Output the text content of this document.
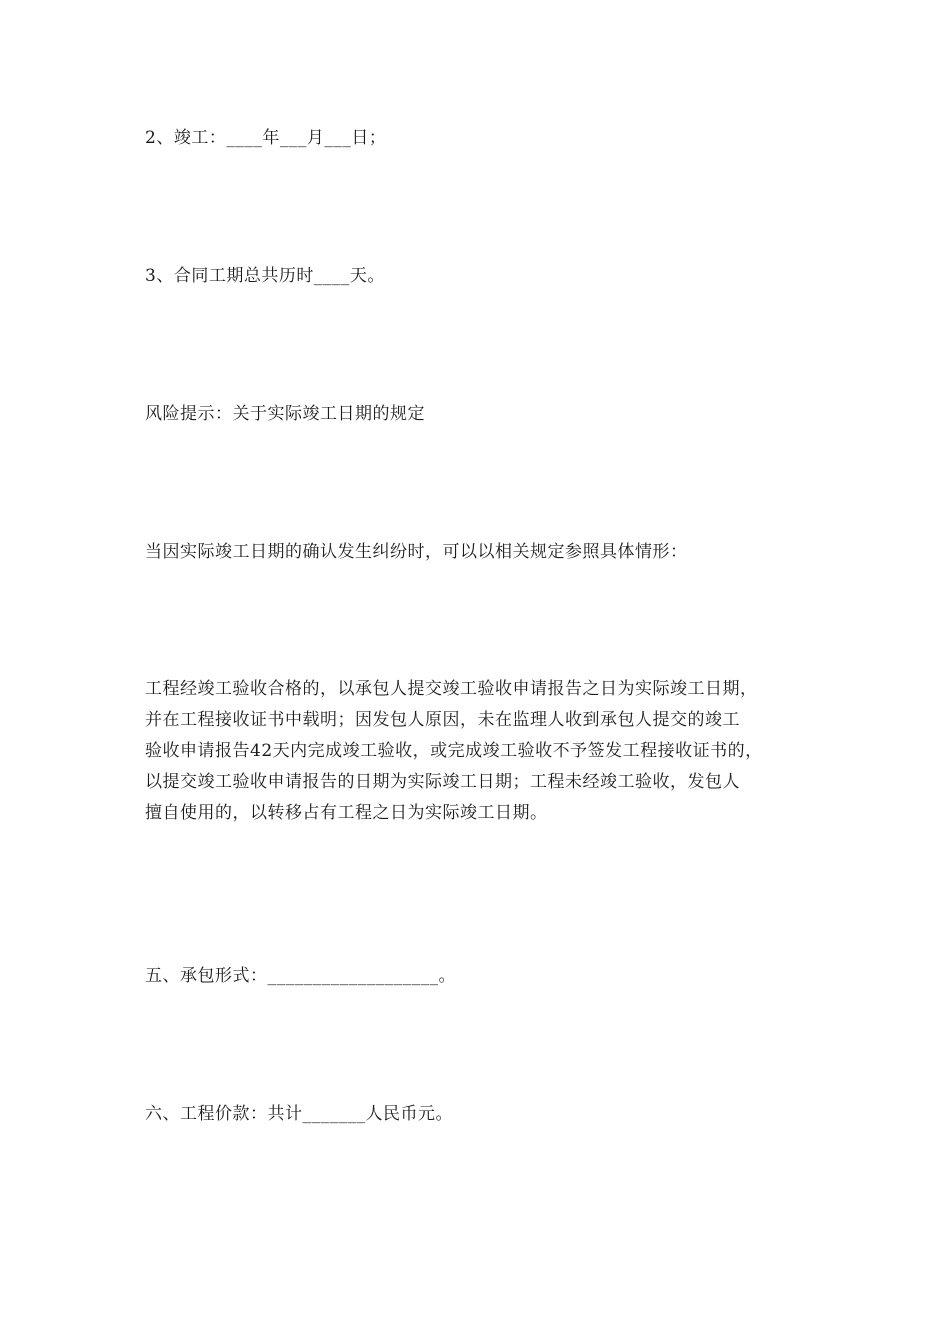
2、竣工：____年___月___日；
3、合同工期总共历时____天。
风险提示：关于实际竣工日期的规定
当因实际竣工日期的确认发生纠纷时，可以以相关规定参照具体情形：
工程经竣工验收合格的，以承包人提交竣工验收申请报告之日为实际竣工日期，
并在工程接收证书中载明；因发包人原因，未在监理人收到承包人提交的竣工
验收申请报告42天内完成竣工验收，或完成竣工验收不予签发工程接收证书的，
以提交竣工验收申请报告的日期为实际竣工日期；工程未经竣工验收，发包人
擅自使用的，以转移占有工程之日为实际竣工日期。
五、承包形式：___________________。
六、工程价款：共计_______人民币元。
